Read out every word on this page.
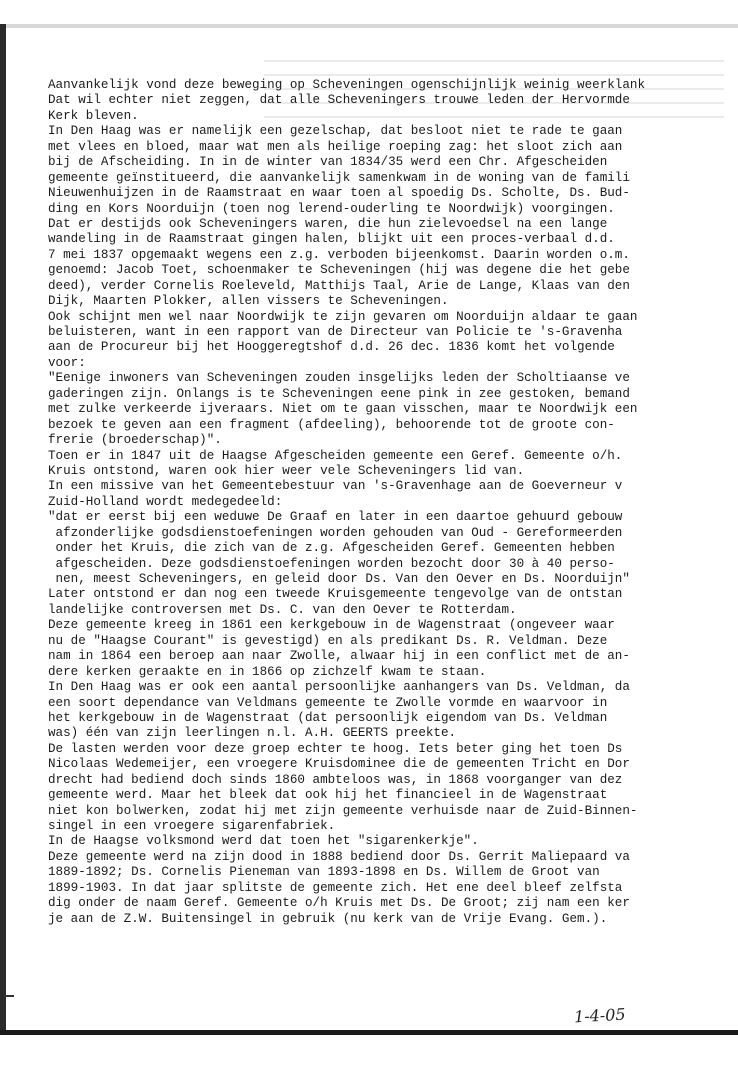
Aanvankelijk vond deze beweging op Scheveningen ogenschijnlijk weinig weerklank
Dat wil echter niet zeggen, dat alle Scheveningers trouwe leden der Hervormde
Kerk bleven.
In Den Haag was er namelijk een gezelschap, dat besloot niet te rade te gaan
met vlees en bloed, maar wat men als heilige roeping zag: het sloot zich aan
bij de Afscheiding. In in de winter van 1834/35 werd een Chr. Afgescheiden
gemeente geïnstitueerd, die aanvankelijk samenkwam in de woning van de famili
Nieuwenhuijzen in de Raamstraat en waar toen al spoedig Ds. Scholte, Ds. Bud-
ding en Kors Noorduijn (toen nog lerend-ouderling te Noordwijk) voorgingen.
Dat er destijds ook Scheveningers waren, die hun zielevoedsel na een lange
wandeling in de Raamstraat gingen halen, blijkt uit een proces-verbaal d.d.
7 mei 1837 opgemaakt wegens een z.g. verboden bijeenkomst. Daarin worden o.m.
genoemd: Jacob Toet, schoenmaker te Scheveningen (hij was degene die het gebe
deed), verder Cornelis Roeleveld, Matthijs Taal, Arie de Lange, Klaas van den
Dijk, Maarten Plokker, allen vissers te Scheveningen.
Ook schijnt men wel naar Noordwijk te zijn gevaren om Noorduijn aldaar te gaan
beluisteren, want in een rapport van de Directeur van Policie te 's-Gravenha
aan de Procureur bij het Hooggeregtshof d.d. 26 dec. 1836 komt het volgende
voor:
"Eenige inwoners van Scheveningen zouden insgelijks leden der Scholtiaanse ve
gaderingen zijn. Onlangs is te Scheveningen eene pink in zee gestoken, bemand
met zulke verkeerde ijveraars. Niet om te gaan visschen, maar te Noordwijk een
bezoek te geven aan een fragment (afdeeling), behoorende tot de groote con-
frerie (broederschap)".
Toen er in 1847 uit de Haagse Afgescheiden gemeente een Geref. Gemeente o/h.
Kruis ontstond, waren ook hier weer vele Scheveningers lid van.
In een missive van het Gemeentebestuur van 's-Gravenhage aan de Goeverneur v
Zuid-Holland wordt medegedeeld:
"dat er eerst bij een weduwe De Graaf en later in een daartoe gehuurd gebouw
afzonderlijke godsdienstoefeningen worden gehouden van Oud - Gereformeerden
onder het Kruis, die zich van de z.g. Afgescheiden Geref. Gemeenten hebben
afgescheiden. Deze godsdienstoefeningen worden bezocht door 30 à 40 perso-
nen, meest Scheveningers, en geleid door Ds. Van den Oever en Ds. Noorduijn"
Later ontstond er dan nog een tweede Kruisgemeente tengevolge van de ontstan
landelijke controversen met Ds. C. van den Oever te Rotterdam.
Deze gemeente kreeg in 1861 een kerkgebouw in de Wagenstraat (ongeveer waar
nu de "Haagse Courant" is gevestigd) en als predikant Ds. R. Veldman. Deze
nam in 1864 een beroep aan naar Zwolle, alwaar hij in een conflict met de an-
dere kerken geraakte en in 1866 op zichzelf kwam te staan.
In Den Haag was er ook een aantal persoonlijke aanhangers van Ds. Veldman, da
een soort dependance van Veldmans gemeente te Zwolle vormde en waarvoor in
het kerkgebouw in de Wagenstraat (dat persoonlijk eigendom van Ds. Veldman
was) één van zijn leerlingen n.l. A.H. GEERTS preekte.
De lasten werden voor deze groep echter te hoog. Iets beter ging het toen Ds
Nicolaas Wedemeijer, een vroegere Kruisdominee die de gemeenten Tricht en Dor
drecht had bediend doch sinds 1860 ambteloos was, in 1868 voorganger van dez
gemeente werd. Maar het bleek dat ook hij het financieel in de Wagenstraat
niet kon bolwerken, zodat hij met zijn gemeente verhuisde naar de Zuid-Binnen-
singel in een vroegere sigarenfabriek.
In de Haagse volksmond werd dat toen het "sigarenkerkje".
Deze gemeente werd na zijn dood in 1888 bediend door Ds. Gerrit Maliepaard va
1889-1892; Ds. Cornelis Pieneman van 1893-1898 en Ds. Willem de Groot van
1899-1903. In dat jaar splitste de gemeente zich. Het ene deel bleef zelfsta
dig onder de naam Geref. Gemeente o/h Kruis met Ds. De Groot; zij nam een ker
je aan de Z.W. Buitensingel in gebruik (nu kerk van de Vrije Evang. Gem.).
1-4-05
